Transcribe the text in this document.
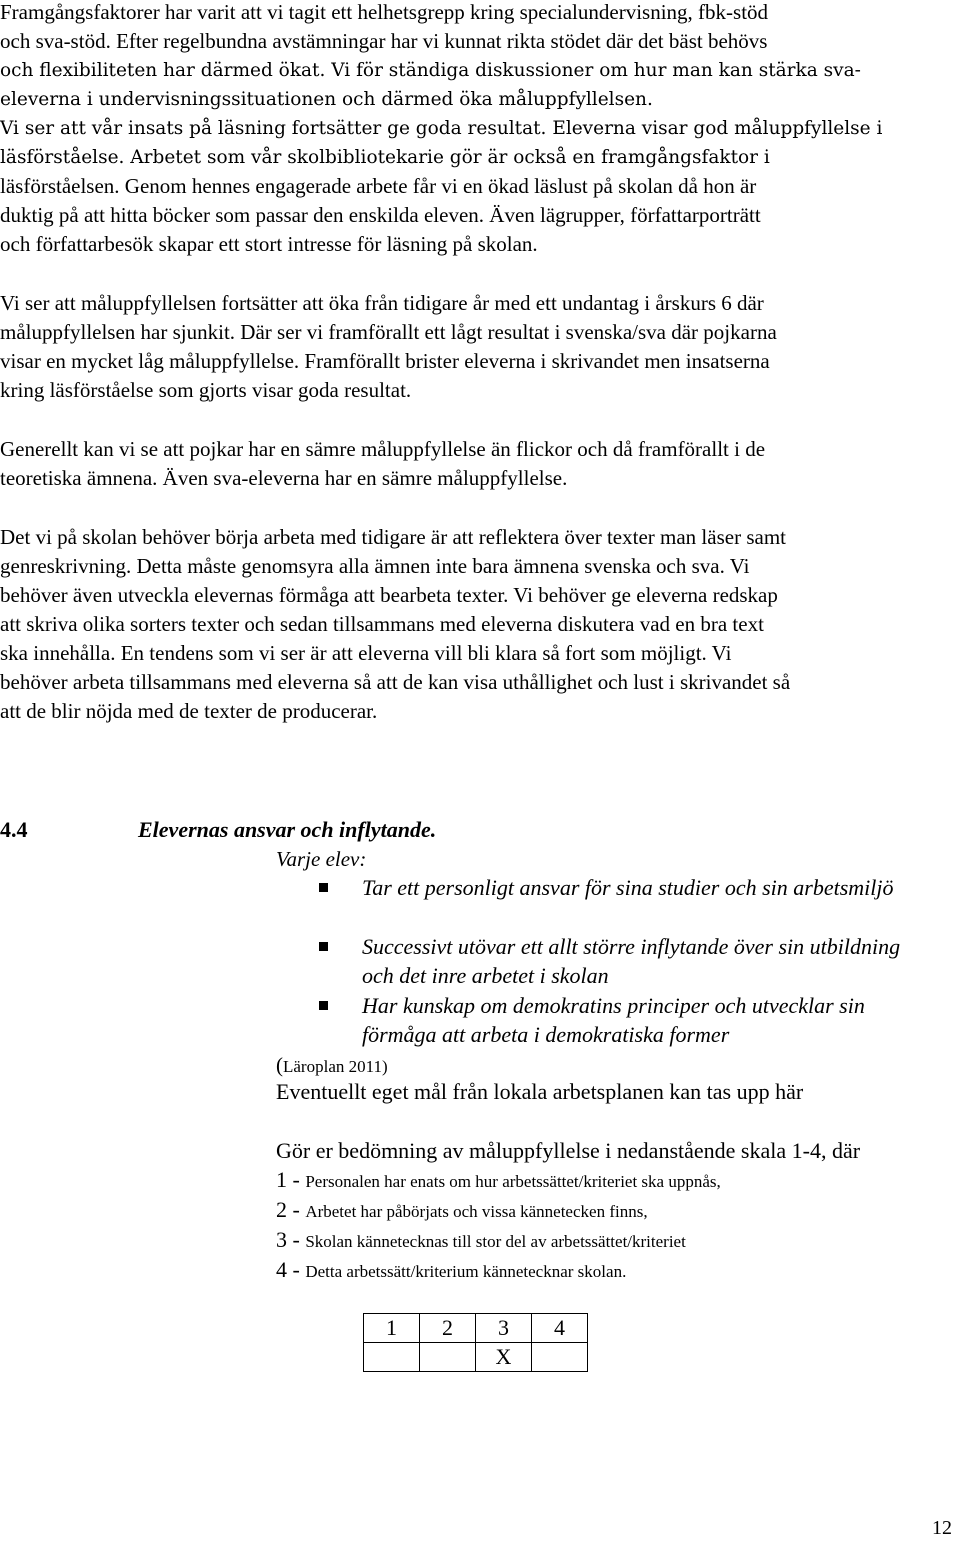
Framgångsfaktorer har varit att vi tagit ett helhetsgrepp kring specialundervisning, fbk-stöd
och sva-stöd. Efter regelbundna avstämningar har vi kunnat rikta stödet där det bäst behövs
och flexibiliteten har därmed ökat. Vi för ständiga diskussioner om hur man kan stärka sva-
eleverna i undervisningssituationen och därmed öka måluppfyllelsen.
Vi ser att vår insats på läsning fortsätter ge goda resultat. Eleverna visar god måluppfyllelse i
läsförståelse. Arbetet som vår skolbibliotekarie gör är också en framgångsfaktor i
läsförståelsen. Genom hennes engagerade arbete får vi en ökad läslust på skolan då hon är
duktig på att hitta böcker som passar den enskilda eleven. Även lägrupper, författarporträtt
och författarbesök skapar ett stort intresse för läsning på skolan.
Vi ser att måluppfyllelsen fortsätter att öka från tidigare år med ett undantag i årskurs 6 där
måluppfyllelsen har sjunkit. Där ser vi framförallt ett lågt resultat i svenska/sva där pojkarna
visar en mycket låg måluppfyllelse. Framförallt brister eleverna i skrivandet men insatserna
kring läsförståelse som gjorts visar goda resultat.
Generellt kan vi se att pojkar har en sämre måluppfyllelse än flickor och då framförallt i de
teoretiska ämnena. Även sva-eleverna har en sämre måluppfyllelse.
Det vi på skolan behöver börja arbeta med tidigare är att reflektera över texter man läser samt
genreskrivning. Detta måste genomsyra alla ämnen inte bara ämnena svenska och sva. Vi
behöver även utveckla elevernas förmåga att bearbeta texter. Vi behöver ge eleverna redskap
att skriva olika sorters texter och sedan tillsammans med eleverna diskutera vad en bra text
ska innehålla. En tendens som vi ser är att eleverna vill bli klara så fort som möjligt. Vi
behöver arbeta tillsammans med eleverna så att de kan visa uthållighet och lust i skrivandet så
att de blir nöjda med de texter de producerar.
4.4	Elevernas ansvar och inflytande.
Varje elev:
Tar ett personligt ansvar för sina studier och sin arbetsmiljö
Successivt utövar ett allt större inflytande över sin utbildning och det inre arbetet i skolan
Har kunskap om demokratins principer och utvecklar sin förmåga att arbeta i demokratiska former
(Läroplan 2011)
Eventuellt eget mål från lokala arbetsplanen kan tas upp här
Gör er bedömning av måluppfyllelse i nedanstående skala 1-4, där
1 - Personalen har enats om hur arbetssättet/kriteriet ska uppnås,
2 - Arbetet har påbörjats och vissa kännetecken finns,
3 - Skolan kännetecknas till stor del av arbetssättet/kriteriet
4 - Detta arbetssätt/kriterium kännetecknar skolan.
1	2	3	4
		X	
12
